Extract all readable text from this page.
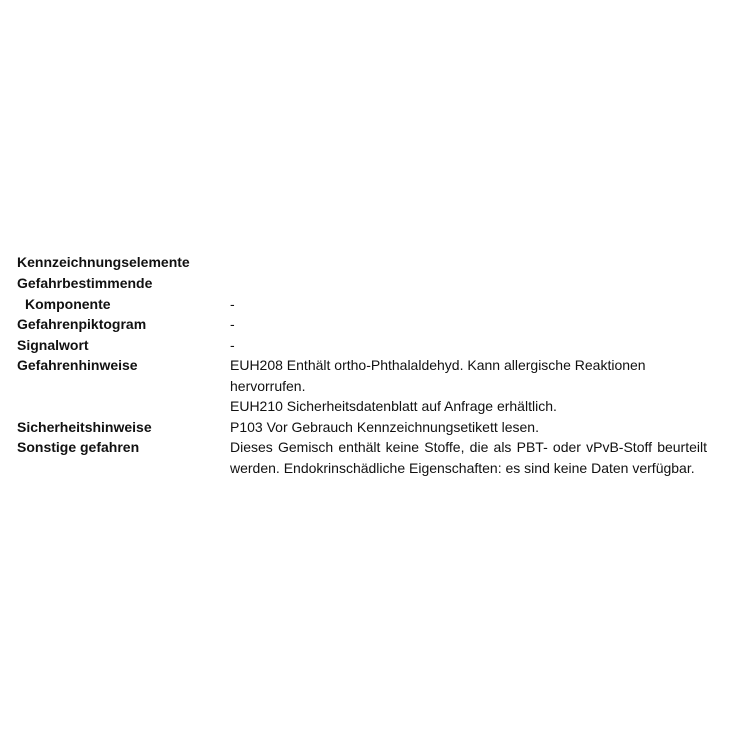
Kennzeichnungselemente
Gefahrbestimmende
Komponente	-
Gefahrenpiktogram	-
Signalwort	-
Gefahrenhinweise	EUH208 Enthält ortho-Phthalaldehyd. Kann allergische Reaktionen hervorrufen.

EUH210 Sicherheitsdatenblatt auf Anfrage erhältlich.

Sicherheitshinweise	P103 Vor Gebrauch Kennzeichnungsetikett lesen.
Sonstige gefahren	Dieses Gemisch enthält keine Stoffe, die als PBT- oder vPvB-Stoff beurteilt werden. Endokrinschädliche Eigenschaften: es sind keine Daten verfügbar.
